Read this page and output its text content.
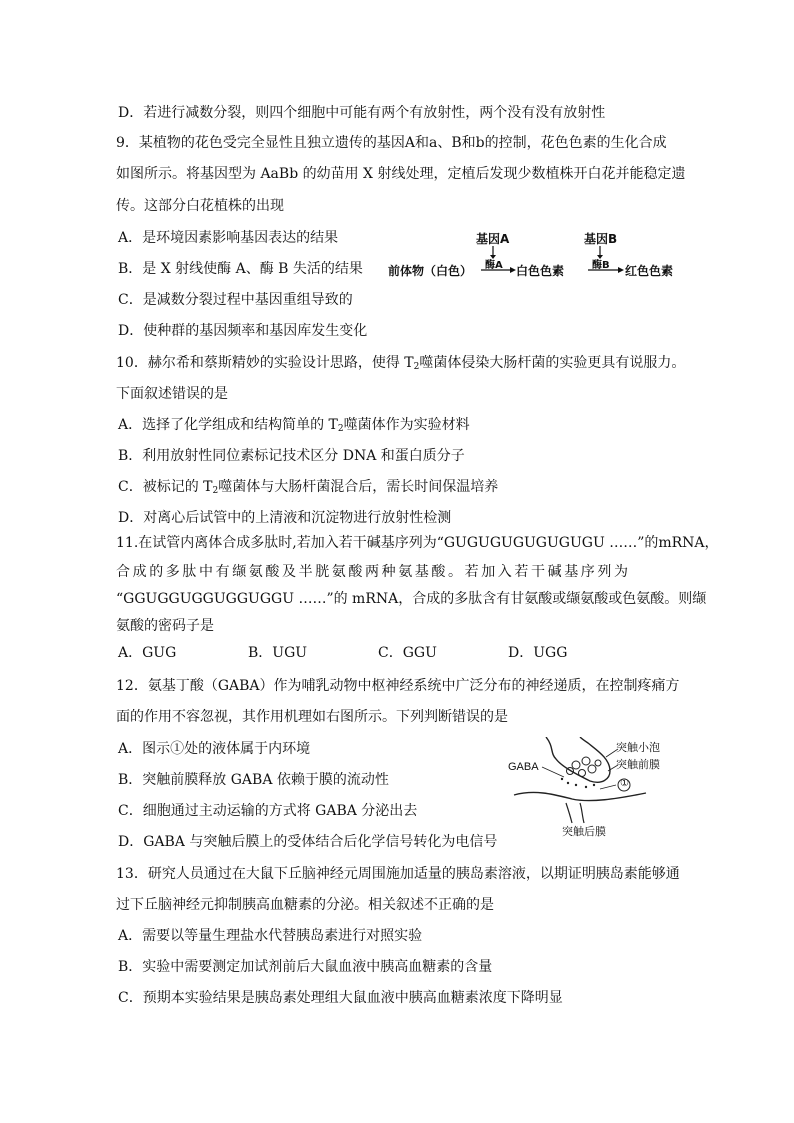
D．若进行减数分裂，则四个细胞中可能有两个有放射性，两个没有没有放射性
9．某植物的花色受完全显性且独立遗传的基因A和a、B和b的控制，花色色素的生化合成
如图所示。将基因型为 AaBb 的幼苗用 X 射线处理，定植后发现少数植株开白花并能稳定遗
传。这部分白花植株的出现
A．是环境因素影响基因表达的结果
B．是 X 射线使酶 A、酶 B 失活的结果
C．是减数分裂过程中基因重组导致的
D．使种群的基因频率和基因库发生变化
基因A	基因B
酶A	酶B
前体物（白色）	白色色素	红色色素
10．赫尔希和蔡斯精妙的实验设计思路，使得 $T_2$噬菌体侵染大肠杆菌的实验更具有说服力。
下面叙述错误的是
A．选择了化学组成和结构简单的 $T_2$噬菌体作为实验材料
B．利用放射性同位素标记技术区分 DNA 和蛋白质分子
C．被标记的 $T_2$噬菌体与大肠杆菌混合后，需长时间保温培养
D．对离心后试管中的上清液和沉淀物进行放射性检测
11.在试管内离体合成多肽时,若加入若干碱基序列为“GUGUGUGUGUGUGU ……”的mRNA，
合成的多肽中有缬氨酸及半胱氨酸两种氨基酸。若加入若干碱基序列为
“GGUGGUGGUGGUGGU ……”的 mRNA，合成的多肽含有甘氨酸或缬氨酸或色氨酸。则缬
氨酸的密码子是
A．GUG	B．UGU	C．GGU	D．UGG
12．氨基丁酸（GABA）作为哺乳动物中枢神经系统中广泛分布的神经递质，在控制疼痛方
面的作用不容忽视，其作用机理如右图所示。下列判断错误的是
A．图示①处的液体属于内环境
B．突触前膜释放 GABA 依赖于膜的流动性
C．细胞通过主动运输的方式将 GABA 分泌出去
D．GABA 与突触后膜上的受体结合后化学信号转化为电信号
突触小泡
突触前膜
GABA
①
突触后膜
13．研究人员通过在大鼠下丘脑神经元周围施加适量的胰岛素溶液，以期证明胰岛素能够通
过下丘脑神经元抑制胰高血糖素的分泌。相关叙述不正确的是
A．需要以等量生理盐水代替胰岛素进行对照实验
B．实验中需要测定加试剂前后大鼠血液中胰高血糖素的含量
C．预期本实验结果是胰岛素处理组大鼠血液中胰高血糖素浓度下降明显
